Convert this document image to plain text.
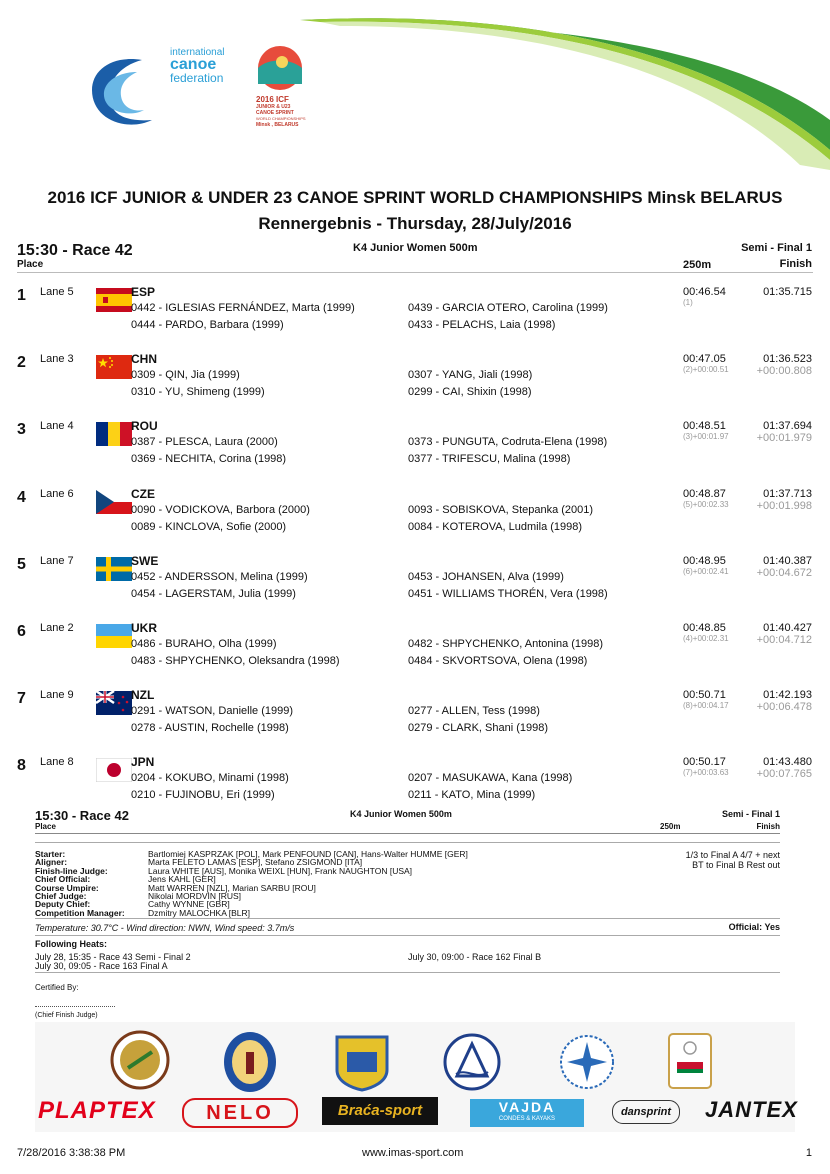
international
canoe
federation
2016 ICF
JUNIOR & U23
CANOE SPRINT
WORLD CHAMPIONSHIPS
Minsk , BELARUS
2016 ICF JUNIOR & UNDER 23 CANOE SPRINT WORLD CHAMPIONSHIPS Minsk BELARUS
Rennergebnis - Thursday, 28/July/2016
15:30 - Race 42	K4 Junior Women 500m	Semi - Final 1
Place	250m	Finish
1 Lane 5	ESP
0442 - IGLESIAS FERNÁNDEZ, Marta (1999)	0439 - GARCIA OTERO, Carolina (1999)
0444 - PARDO, Barbara (1999)	0433 - PELACHS, Laia (1998)
00:46.54
(1)
01:35.715
2 Lane 3	CHN
0309 - QIN, Jia (1999)	0307 - YANG, Jiali (1998)
0310 - YU, Shimeng (1999)	0299 - CAI, Shixin (1998)
00:47.05
(2)+00:00.51
01:36.523
+00:00.808
3 Lane 4	ROU
0387 - PLESCA, Laura (2000)	0373 - PUNGUTA, Codruta-Elena (1998)
0369 - NECHITA, Corina (1998)	0377 - TRIFESCU, Malina (1998)
00:48.51
(3)+00:01.97
01:37.694
+00:01.979
4 Lane 6	CZE
0090 - VODICKOVA, Barbora (2000)	0093 - SOBISKOVA, Stepanka (2001)
0089 - KINCLOVA, Sofie (2000)	0084 - KOTEROVA, Ludmila (1998)
00:48.87
(5)+00:02.33
01:37.713
+00:01.998
5 Lane 7	SWE
0452 - ANDERSSON, Melina (1999)	0453 - JOHANSEN, Alva (1999)
0454 - LAGERSTAM, Julia (1999)	0451 - WILLIAMS THORÉN, Vera (1998)
00:48.95
(6)+00:02.41
01:40.387
+00:04.672
6 Lane 2	UKR
0486 - BURAHO, Olha (1999)	0482 - SHPYCHENKO, Antonina (1998)
0483 - SHPYCHENKO, Oleksandra (1998)	0484 - SKVORTSOVA, Olena (1998)
00:48.85
(4)+00:02.31
01:40.427
+00:04.712
7 Lane 9	NZL
0291 - WATSON, Danielle (1999)	0277 - ALLEN, Tess (1998)
0278 - AUSTIN, Rochelle (1998)	0279 - CLARK, Shani (1998)
00:50.71
(8)+00:04.17
01:42.193
+00:06.478
8 Lane 8	JPN
0204 - KOKUBO, Minami (1998)	0207 - MASUKAWA, Kana (1998)
0210 - FUJINOBU, Eri (1999)	0211 - KATO, Mina (1999)
00:50.17
(7)+00:03.63
01:43.480
+00:07.765
15:30 - Race 42	K4 Junior Women 500m	Semi - Final 1
Place	250m	Finish
Starter:	Bartlomiej KASPRZAK [POL], Mark PENFOUND [CAN], Hans-Walter HUMME [GER]
Aligner:	Marta FELETO LAMAS [ESP], Stefano ZSIGMOND [ITA]
Finish-line Judge:	Laura WHITE [AUS], Monika WEIXL [HUN], Frank NAUGHTON [USA]
Chief Official:	Jens KAHL [GER]
Course Umpire:	Matt WARREN [NZL], Marian SARBU [ROU]
Chief Judge:	Nikolai MORDVIN [RUS]
Deputy Chief:	Cathy WYNNE [GBR]
Competition Manager:	Dzmitry MALOCHKA [BLR]
1/3 to Final A 4/7 + next
BT to Final B Rest out
Temperature: 30.7°C - Wind direction: NWN, Wind speed: 3.7m/s	Official: Yes
Following Heats:
July 28, 15:35 - Race 43 Semi - Final 2
July 30, 09:05 - Race 163 Final A
July 30, 09:00 - Race 162 Final B
Certified By:
(Chief Finish Judge)
PLAPTEX	NELO	Braća-sport	VAJDA
CONDES & KAYAKS
dansprint	JANTEX
7/28/2016 3:38:38 PM	www.imas-sport.com	1
